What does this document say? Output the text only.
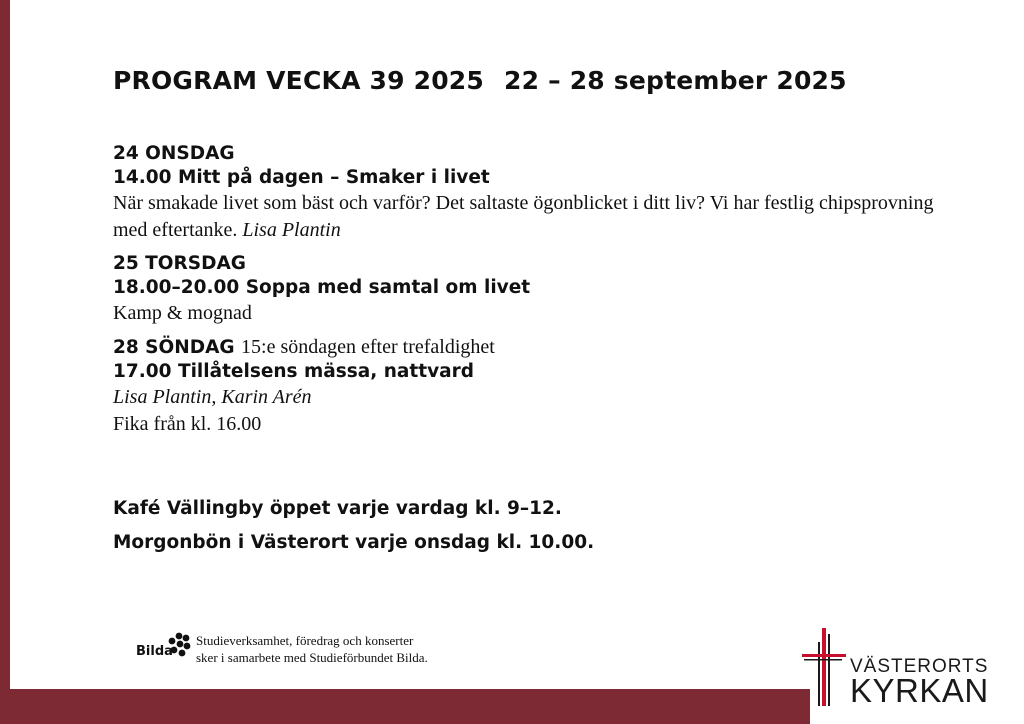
PROGRAM VECKA 39 2025 22 – 28 september 2025
24 ONSDAG
14.00 Mitt på dagen – Smaker i livet
När smakade livet som bäst och varför? Det saltaste ögonblicket i ditt liv? Vi har festlig chipsprovning med eftertanke. Lisa Plantin
25 TORSDAG
18.00–20.00 Soppa med samtal om livet
Kamp & mognad
28 SÖNDAG 15:e söndagen efter trefaldighet
17.00 Tillåtelsens mässa, nattvard
Lisa Plantin, Karin Arén
Fika från kl. 16.00
Kafé Vällingby öppet varje vardag kl. 9–12.
Morgonbön i Västerort varje onsdag kl. 10.00.
Bilda
Studieverksamhet, föredrag och konserter
sker i samarbete med Studieförbundet Bilda.	VÄSTERORTS
KYRKAN
